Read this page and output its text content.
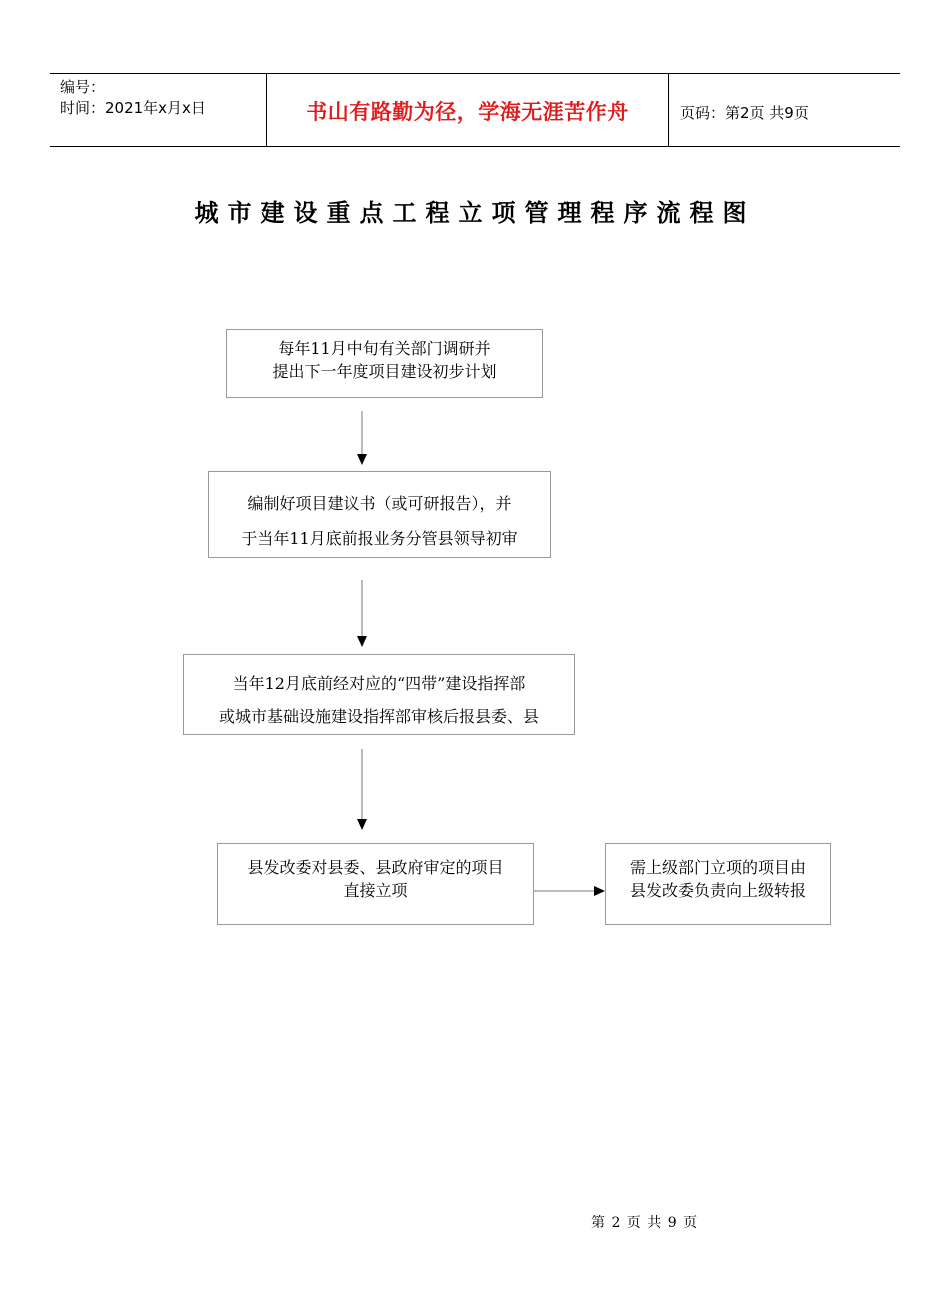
编号：
时间：2021年x月x日	书山有路勤为径，学海无涯苦作舟	页码：第2页 共9页
城市建设重点工程立项管理程序流程图
每年11月中旬有关部门调研并
提出下一年度项目建设初步计划
编制好项目建议书（或可研报告），并
于当年11月底前报业务分管县领导初审
当年12月底前经对应的“四带”建设指挥部
或城市基础设施建设指挥部审核后报县委、县
县发改委对县委、县政府审定的项目
直接立项
需上级部门立项的项目由
县发改委负责向上级转报
第 2 页 共 9 页
